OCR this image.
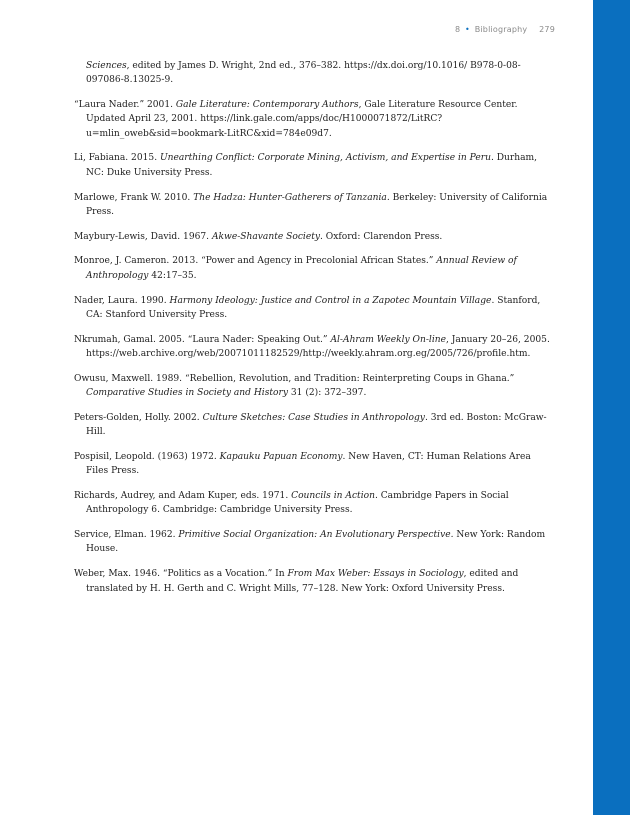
8 • Bibliography 279

Sciences, edited by James D. Wright, 2nd ed., 376–382. https://dx.doi.org/10.1016/ B978-0-08-097086-8.13025-9.

“Laura Nader.” 2001. Gale Literature: Contemporary Authors, Gale Literature Resource Center. Updated April 23, 2001. https://link.gale.com/apps/doc/H1000071872/LitRC?u=mlin_oweb&sid=bookmark-LitRC&xid=784e09d7.

Li, Fabiana. 2015. Unearthing Conflict: Corporate Mining, Activism, and Expertise in Peru. Durham, NC: Duke University Press.

Marlowe, Frank W. 2010. The Hadza: Hunter-Gatherers of Tanzania. Berkeley: University of California Press.

Maybury-Lewis, David. 1967. Akwe-Shavante Society. Oxford: Clarendon Press.

Monroe, J. Cameron. 2013. “Power and Agency in Precolonial African States.” Annual Review of Anthropology 42:17–35.

Nader, Laura. 1990. Harmony Ideology: Justice and Control in a Zapotec Mountain Village. Stanford, CA: Stanford University Press.

Nkrumah, Gamal. 2005. “Laura Nader: Speaking Out.” Al-Ahram Weekly On-line, January 20–26, 2005. https://web.archive.org/web/20071011182529/http://weekly.ahram.org.eg/2005/726/profile.htm.

Owusu, Maxwell. 1989. “Rebellion, Revolution, and Tradition: Reinterpreting Coups in Ghana.” Comparative Studies in Society and History 31 (2): 372–397.

Peters-Golden, Holly. 2002. Culture Sketches: Case Studies in Anthropology. 3rd ed. Boston: McGraw-Hill.

Pospisil, Leopold. (1963) 1972. Kapauku Papuan Economy. New Haven, CT: Human Relations Area Files Press.

Richards, Audrey, and Adam Kuper, eds. 1971. Councils in Action. Cambridge Papers in Social Anthropology 6. Cambridge: Cambridge University Press.

Service, Elman. 1962. Primitive Social Organization: An Evolutionary Perspective. New York: Random House.

Weber, Max. 1946. “Politics as a Vocation.” In From Max Weber: Essays in Sociology, edited and translated by H. H. Gerth and C. Wright Mills, 77–128. New York: Oxford University Press.
